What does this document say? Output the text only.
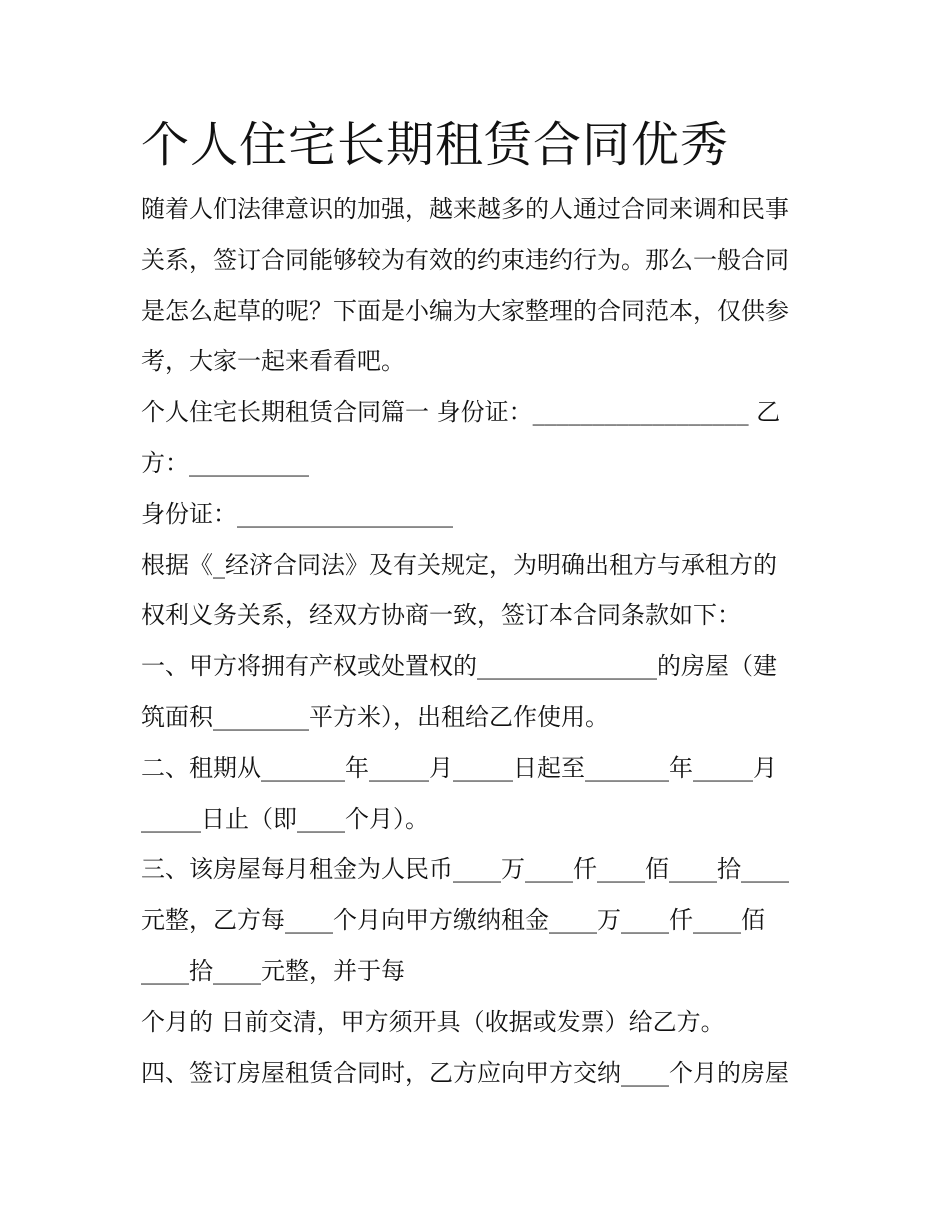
个人住宅长期租赁合同优秀
随着人们法律意识的加强，越来越多的人通过合同来调和民事
关系，签订合同能够较为有效的约束违约行为。那么一般合同
是怎么起草的呢？下面是小编为大家整理的合同范本，仅供参
考，大家一起来看看吧。
个人住宅长期租赁合同篇一 身份证：__________________ 乙
方：__________
身份证：__________________
根据《_经济合同法》及有关规定，为明确出租方与承租方的
权利义务关系，经双方协商一致，签订本合同条款如下：
一、甲方将拥有产权或处置权的_______________的房屋（建
筑面积________平方米），出租给乙作使用。
二、租期从_______年_____月_____日起至_______年_____月
_____日止（即____个月）。
三、该房屋每月租金为人民币____万____仟____佰____拾____
元整，乙方每____个月向甲方缴纳租金____万____仟____佰
____拾____元整，并于每
个月的 日前交清，甲方须开具（收据或发票）给乙方。
四、签订房屋租赁合同时，乙方应向甲方交纳____个月的房屋
